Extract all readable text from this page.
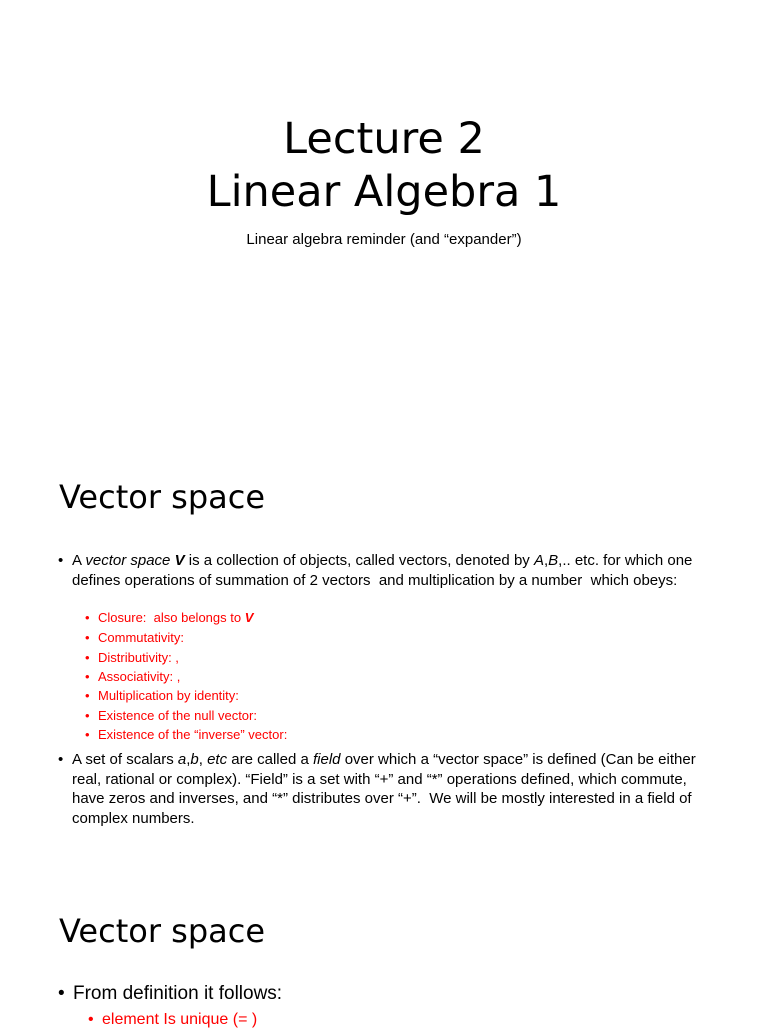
Lecture 2
Linear Algebra 1
Linear algebra reminder (and “expander”)
Vector space
• A vector space V is a collection of objects, called vectors, denoted by A,B,.. etc. for which one defines operations of summation of 2 vectors  and multiplication by a number  which obeys:
• Closure:  also belongs to V
• Commutativity:
• Distributivity: ,
• Associativity: ,
• Multiplication by identity:
• Existence of the null vector:
• Existence of the “inverse” vector:
• A set of scalars a,b, etc are called a field over which a “vector space” is defined (Can be either real, rational or complex). “Field” is a set with “+” and “*” operations defined, which commute, have zeros and inverses, and “*” distributes over “+”.  We will be mostly interested in a field of complex numbers.
Vector space
• From definition it follows:
• element Is unique (= )
